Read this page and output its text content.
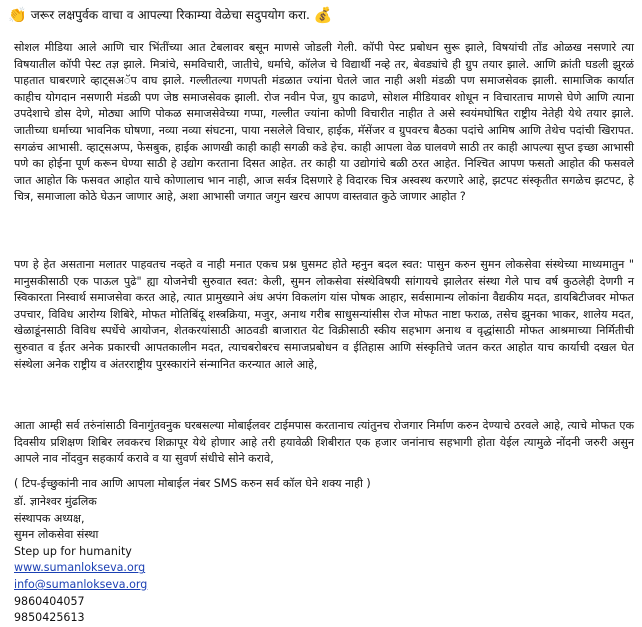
👏 जरूर लक्षपुर्वक वाचा व आपल्या रिकाम्या वेळेचा सदुपयोग करा. 💰

सोशल मीडिया आले आणि चार भिंतींच्या आत टेबलावर बसून माणसे जोडली गेली. कॉपी पेस्ट प्रबोधन सुरू झाले, विषयांची तोंड ओळख नसणारे त्या विषयातील कॉपी पेस्ट तज्ञ झाले. मित्रांचे, समविचारी, जातीचे, धर्माचे, कॉलेज चे विद्यार्थी नव्हे तर, बेवड्यांचे ही ग्रुप तयार झाले. आणि क्रांती घडली झुरळं पाहतात घाबरणारे व्हाट्सअॅप वाघ झाले. गल्लीतल्या गणपती मंडळात ज्यांना घेतले जात नाही अशी मंडळी पण समाजसेवक झाली. सामाजिक कार्यात काहीच योगदान नसणारी मंडळी पण जेष्ठ समाजसेवक झाली. रोज नवीन पेज, ग्रुप काढणे, सोशल मीडियावर शोधून न विचारताच माणसे घेणे आणि त्याना उपदेशाचे डोस देणे, मोठ्या आणि पोकळ समाजसेवेच्या गप्पा, गल्लीत ज्यांना कोणी विचारीत नाहीत ते असे स्वयंमघोषित राष्ट्रीय नेतेही येथे तयार झाले. जातीच्या धर्माच्या भावनिक घोषणा, नव्या नव्या संघटना, पाया नसलेले विचार, हाईक, मॅसेंजर व ग्रुपवरच बैठका पदांचे आमिष आणि तेथेच पदांची खिरापत. सगळंच आभासी. व्हाट्सअप्प, फेसबुक, हाईक आणखी काही काही सगळी कडे हेच. काही आपला वेळ घालवणे साठी तर काही आपल्या सुप्त इच्छा आभासी पणे का होईना पूर्ण करून घेण्या साठी हे उद्योग करताना दिसत आहेत. तर काही या उद्योगांचे बळी ठरत आहेत. निश्चित आपण फसतो आहोत की फसवले जात आहोत कि फसवत आहोत याचे कोणालाच भान नाही, आज सर्वत्र दिसणारे हे विदारक चित्र अस्वस्थ करणारे आहे, झटपट संस्कृतीत सगळेच झटपट, हे चित्र, समाजाला कोठे घेऊन जाणार आहे, अशा आभासी जगात जगुन खरच आपण वास्तवात कुठे जाणार आहोत ?

पण हे हेत असताना मलातर पाहवतच नव्हते व नाही मनात एकच प्रश्न घुसमट होते म्हनुन बदल स्वत: पासुन करुन सुमन लोकसेवा संस्थेच्या माध्यमातुन " मानुसकीसाठी एक पाऊल पुढे" ह्या योजनेची सुरुवात स्वत: केली, सुमन लोकसेवा संस्थेविषयी सांगायचे झालेतर संस्था गेले पाच वर्ष कुठलेही देणगी न स्विकारता निस्वार्थ समाजसेवा करत आहे, त्यात प्रामुख्याने अंध अपंग विकलांग यांस पोषक आहार, सर्वसामान्य लोकांना वैद्यकीय मदत, डायबिटीजवर मोफत उपचार, विविध आरोग्य शिबिरे, मोफत मोतिबिंदू शस्त्रक्रिया, मजुर, अनाथ गरीब साधुसन्यांसीस रोज मोफत नाष्टा फराळ, तसेच झुनका भाकर, शालेय मदत, खेळाडूंनसाठी विविध स्पर्धेचे आयोजन, शेतकरयांसाठी आठवडी बाजारात येट विक्रीसाठी स्कीय सहभाग अनाथ व वृद्धांसाठी मोफत आश्रमाच्या निर्मितीची सुरुवात व ईतर अनेक प्रकारची आपतकालीन मदत, त्याचबरोबरच समाजप्रबोधन व ईतिहास आणि संस्कृतिचे जतन करत आहोत याच कार्याची दखल घेत संस्थेला अनेक राष्ट्रीय व अंतरराष्ट्रीय पुरस्कारांने संन्मानित करन्यात आले आहे,

आता आम्ही सर्व तरुंनांसाठी विनागुंतवनुक घरबसल्या मोबाईलवर टाईमपास करतानाच त्यांतुनच रोजगार निर्माण करुन देण्याचे ठरवले आहे, त्याचे मोफत एक दिवसीय प्रशिक्षण शिबिर लवकरच शिक्रापूर येथे होणार आहे तरी हयावेळी शिबीरात एक हजार जनांनाच सहभागी होता येईल त्यामुळे नोंदनी जरुरी असुन आपले नाव नोंदवुन सहकार्य करावे व या सुवर्ण संधीचे सोने करावे,

( टिप-ईच्छुकांनी नाव आणि आपला मोबाईल नंबर SMS करुन सर्व कॉल घेने शक्य नाही )

डॉ. ज्ञानेश्वर मुंढलिक
संस्थापक अध्यक्ष,
सुमन लोकसेवा संस्था
Step up for humanity
www.sumanlokseva.org
info@sumanlokseva.org
9860404057
9850425613
